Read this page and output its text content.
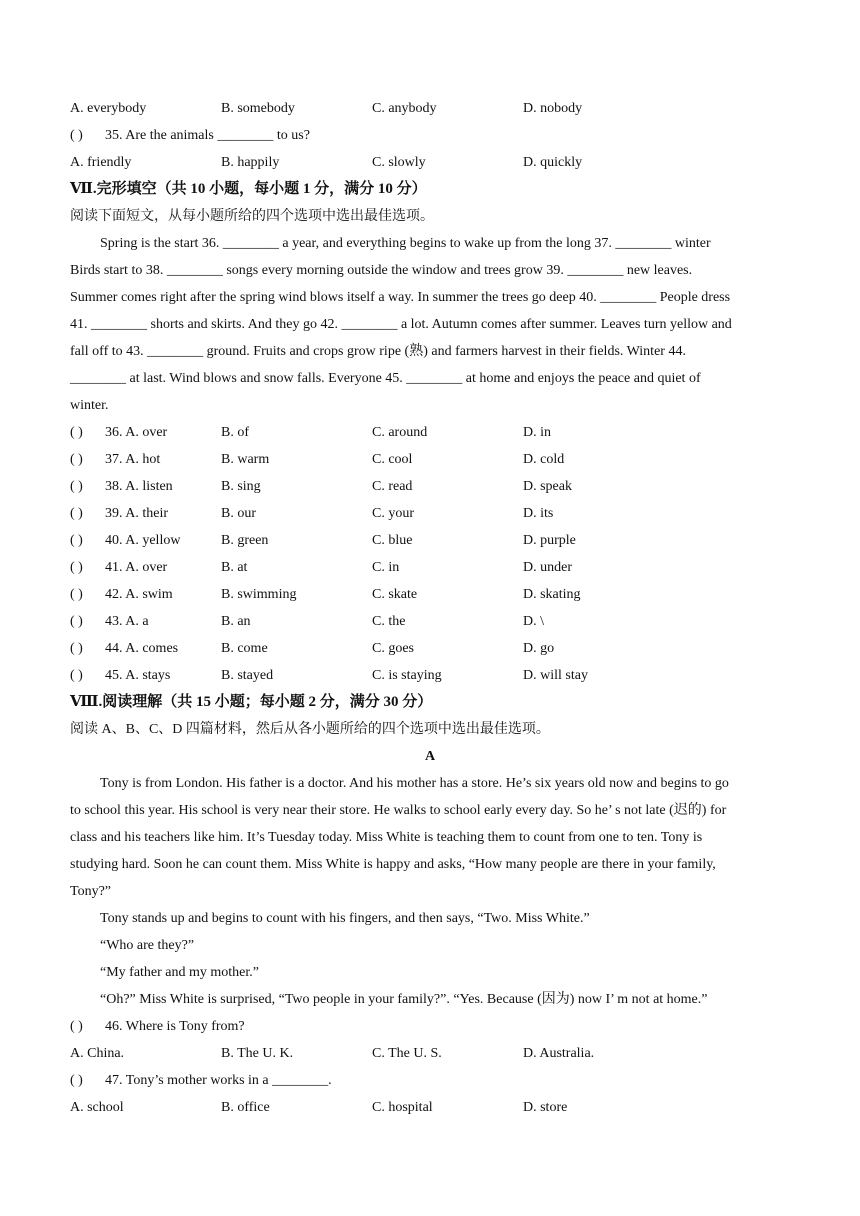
A. everybody	B. somebody	C. anybody	D. nobody
( )	35. Are the animals ________ to us?
A. friendly	B. happily	C. slowly	D. quickly
Ⅶ.完形填空（共 10 小题，每小题 1 分，满分 10 分）
阅读下面短文，从每小题所给的四个选项中选出最佳选项。
Spring is the start 36. ________ a year, and everything begins to wake up from the long 37. ________ winter
Birds start to 38. ________ songs every morning outside the window and trees grow 39. ________ new leaves.
Summer comes right after the spring wind blows itself a way. In summer the trees go deep 40. ________ People dress
41. ________ shorts and skirts. And they go 42. ________ a lot. Autumn comes after summer. Leaves turn yellow and
fall off to 43. ________ ground. Fruits and crops grow ripe (熟) and farmers harvest in their fields. Winter 44.
________ at last. Wind blows and snow falls. Everyone 45. ________ at home and enjoys the peace and quiet of
winter.
( )	36. A. over	B. of	C. around	D. in
( )	37. A. hot	B. warm	C. cool	D. cold
( )	38. A. listen	B. sing	C. read	D. speak
( )	39. A. their	B. our	C. your	D. its
( )	40. A. yellow	B. green	C. blue	D. purple
( )	41. A. over	B. at	C. in	D. under
( )	42. A. swim	B. swimming	C. skate	D. skating
( )	43. A. a	B. an	C. the	D. \
( )	44. A. comes	B. come	C. goes	D. go
( )	45. A. stays	B. stayed	C. is staying	D. will stay
Ⅷ.阅读理解（共 15 小题；每小题 2 分，满分 30 分）
阅读 A、B、C、D 四篇材料，然后从各小题所给的四个选项中选出最佳选项。
A
Tony is from London. His father is a doctor. And his mother has a store. He’s six years old now and begins to go
to school this year. His school is very near their store. He walks to school early every day. So he’ s not late (迟的) for
class and his teachers like him. It’s Tuesday today. Miss White is teaching them to count from one to ten. Tony is
studying hard. Soon he can count them. Miss White is happy and asks, “How many people are there in your family,
Tony?”
Tony stands up and begins to count with his fingers, and then says, “Two. Miss White.”
“Who are they?”
“My father and my mother.”
“Oh?” Miss White is surprised, “Two people in your family?”. “Yes. Because (因为) now I’ m not at home.”
( )	46. Where is Tony from?
A. China.	B. The U. K.	C. The U. S.	D. Australia.
( )	47. Tony’s mother works in a ________.
A. school	B. office	C. hospital	D. store
